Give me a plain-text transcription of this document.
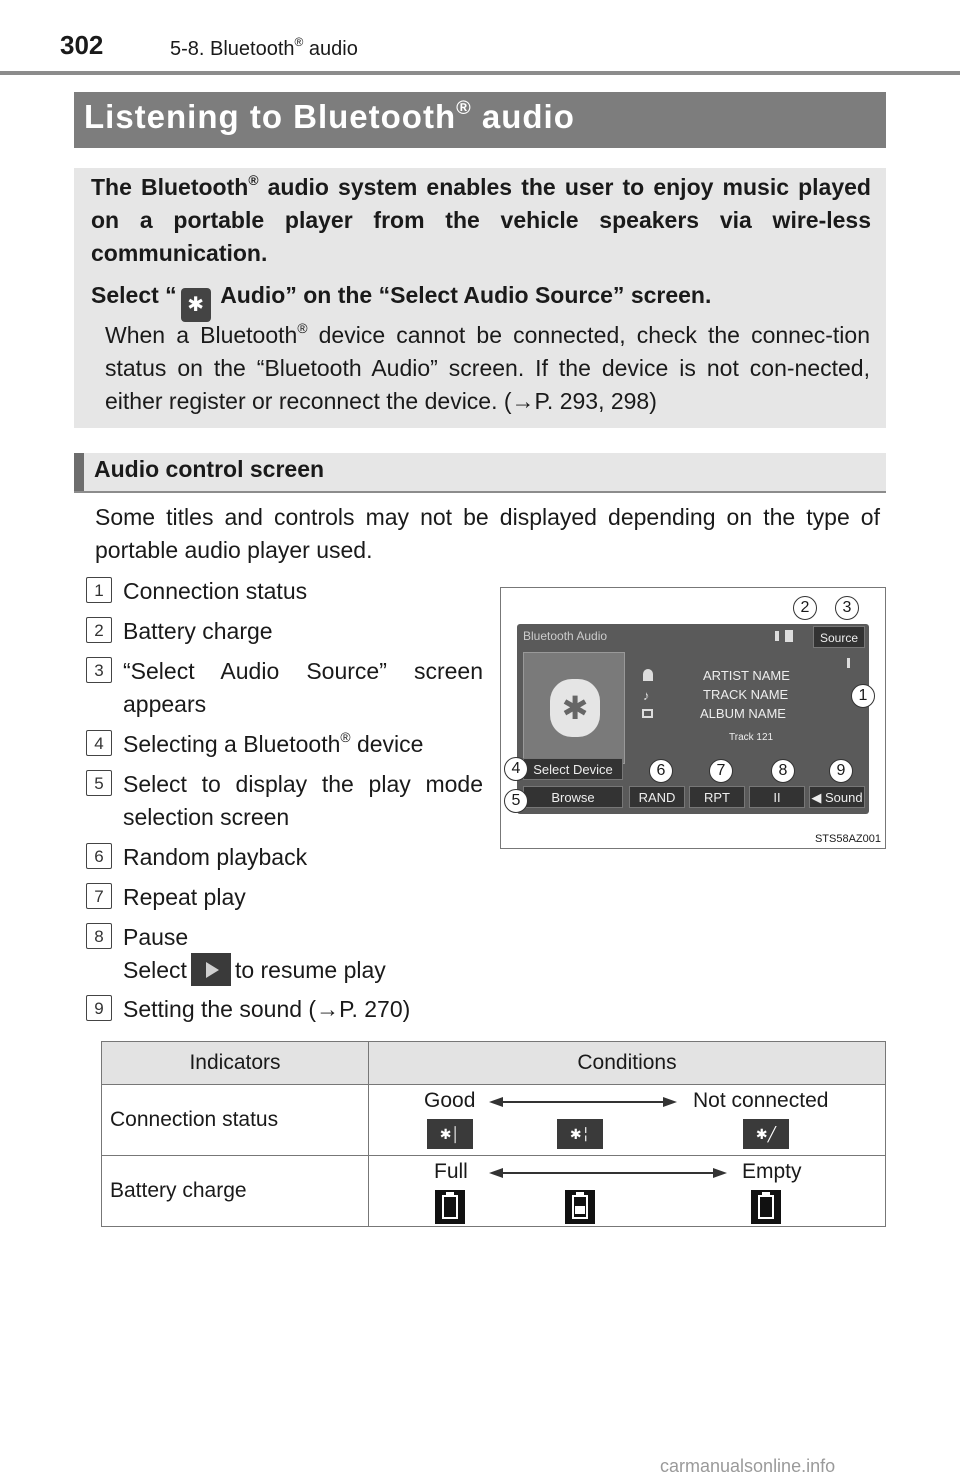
302	5-8. Bluetooth® audio
Listening to Bluetooth® audio
The Bluetooth® audio system enables the user to enjoy music played on a portable player from the vehicle speakers via wire-less communication.
Select “ ✱ Audio” on the “Select Audio Source” screen.
When a Bluetooth® device cannot be connected, check the connec-tion status on the “Bluetooth Audio” screen. If the device is not con-nected, either register or reconnect the device. (→P. 293, 298)
Audio control screen
Some titles and controls may not be displayed depending on the type of portable audio player used.
1 Connection status
2 Battery charge
3 “Select Audio Source” screen
appears
4 Selecting a Bluetooth® device
5 Select to display the play mode
selection screen
6 Random playback
7 Repeat play
8 Pause
Select to resume play
9 Setting the sound (→P. 270)
Bluetooth Audio	Source
✱
ARTIST NAME
♪	TRACK NAME
ALBUM NAME
Track 121
Select Device
Browse	RAND	RPT	II	◀ Sound
1
2	3
4
5
6	7	8	9
STS58AZ001
Indicators	Conditions
Connection status	Good Not connected
✱│ ✱╎ ✱╱

Battery charge	Full Empty
carmanualsonline.info
